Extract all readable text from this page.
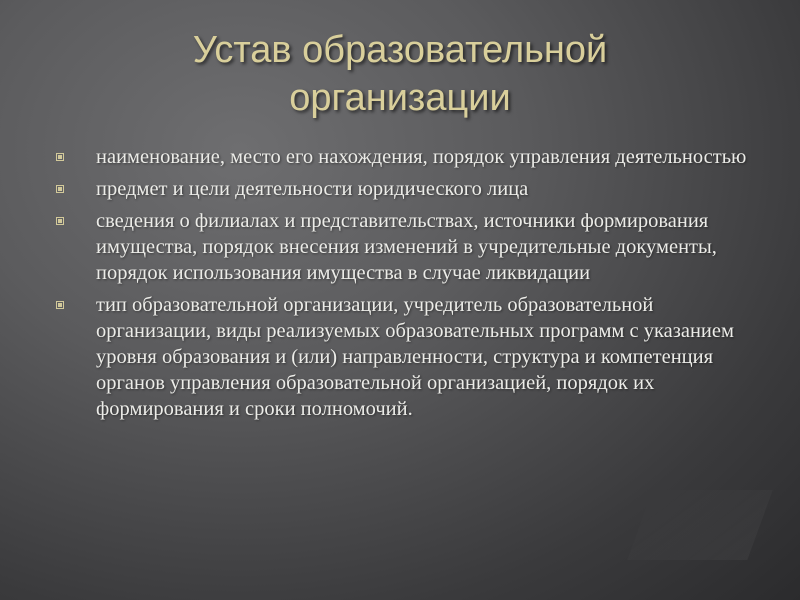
Устав образовательной организации
наименование, место его нахождения, порядок управления деятельностью
предмет и цели деятельности юридического лица
сведения о филиалах и представительствах, источники формирования имущества, порядок внесения изменений в учредительные документы, порядок использования имущества в случае ликвидации
тип образовательной организации, учредитель образовательной организации, виды реализуемых образовательных программ с указанием уровня образования и (или) направленности, структура и компетенция органов управления образовательной организацией, порядок их формирования и сроки полномочий.
